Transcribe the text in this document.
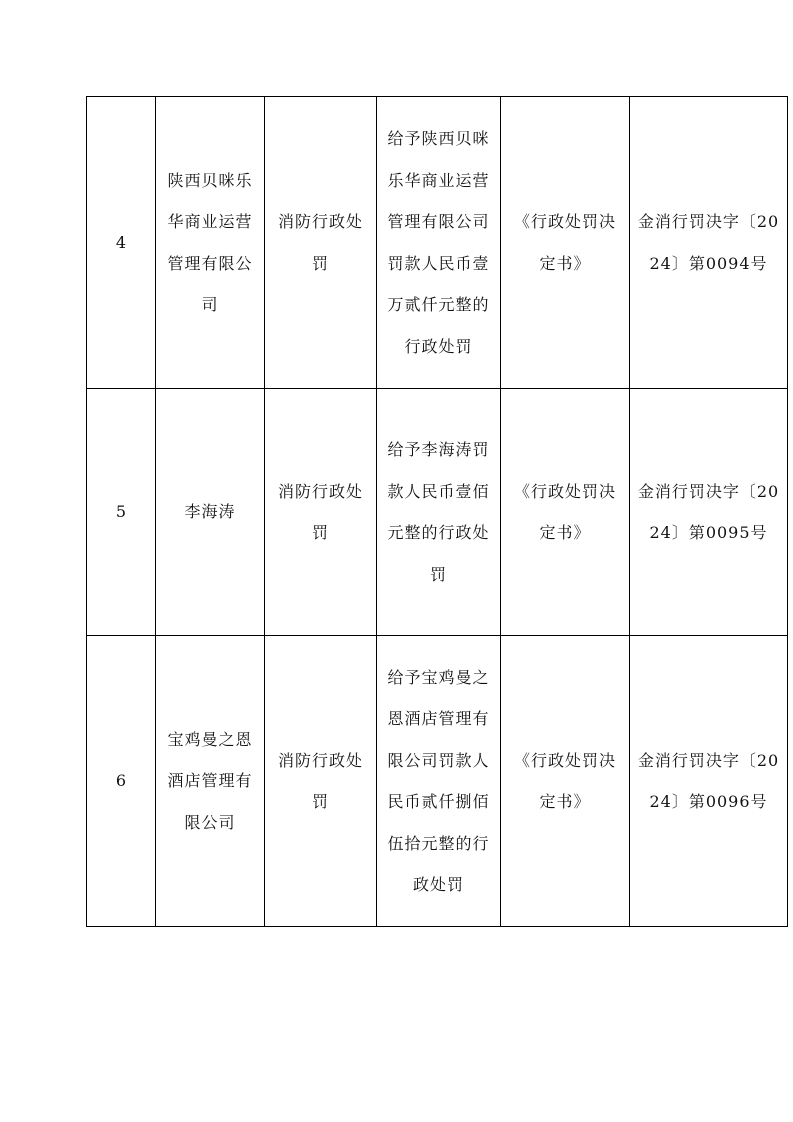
4	陕西贝咪乐华商业运营管理有限公司	消防行政处罚	给予陕西贝咪乐华商业运营管理有限公司罚款人民币壹万贰仟元整的行政处罚	《行政处罚决定书》	金消行罚决字〔2024〕第0094号

5	李海涛	消防行政处罚	给予李海涛罚款人民币壹佰元整的行政处罚	《行政处罚决定书》	金消行罚决字〔2024〕第0095号

6	宝鸡曼之恩酒店管理有限公司	消防行政处罚	给予宝鸡曼之恩酒店管理有限公司罚款人民币贰仟捌佰伍拾元整的行政处罚	《行政处罚决定书》	金消行罚决字〔2024〕第0096号
